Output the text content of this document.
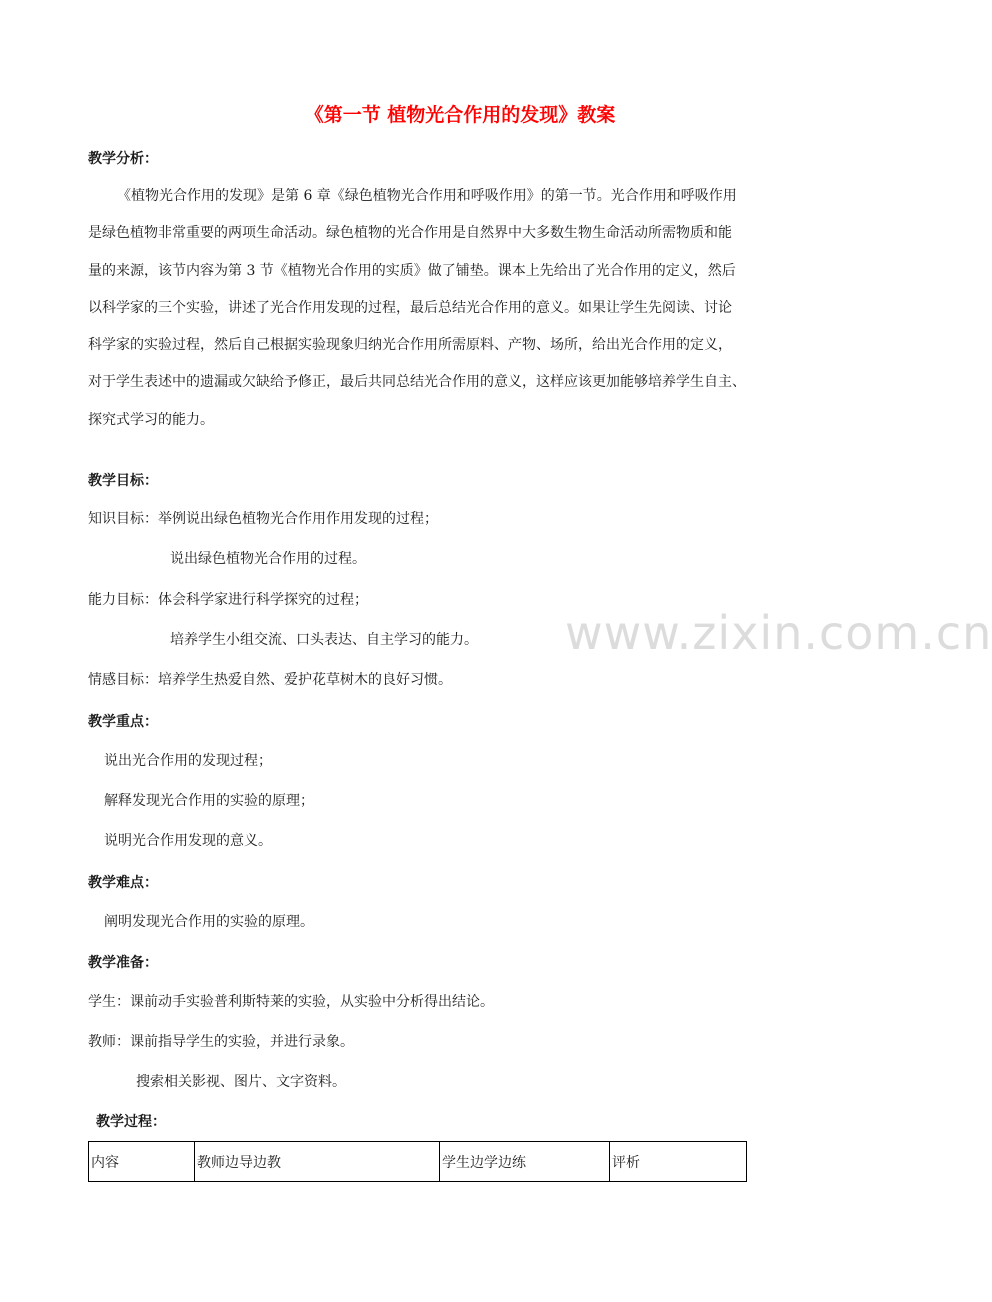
www.zixin.com.cn
《第一节 植物光合作用的发现》教案
教学分析：
《植物光合作用的发现》是第 6 章《绿色植物光合作用和呼吸作用》的第一节。光合作用和呼吸作用
是绿色植物非常重要的两项生命活动。绿色植物的光合作用是自然界中大多数生物生命活动所需物质和能
量的来源，该节内容为第 3 节《植物光合作用的实质》做了铺垫。课本上先给出了光合作用的定义，然后
以科学家的三个实验，讲述了光合作用发现的过程，最后总结光合作用的意义。如果让学生先阅读、讨论
科学家的实验过程，然后自己根据实验现象归纳光合作用所需原料、产物、场所，给出光合作用的定义，
对于学生表述中的遗漏或欠缺给予修正，最后共同总结光合作用的意义，这样应该更加能够培养学生自主、
探究式学习的能力。
教学目标：
知识目标：举例说出绿色植物光合作用作用发现的过程；
说出绿色植物光合作用的过程。
能力目标：体会科学家进行科学探究的过程；
培养学生小组交流、口头表达、自主学习的能力。
情感目标：培养学生热爱自然、爱护花草树木的良好习惯。
教学重点：
说出光合作用的发现过程；
解释发现光合作用的实验的原理；
说明光合作用发现的意义。
教学难点：
阐明发现光合作用的实验的原理。
教学准备：
学生：课前动手实验普利斯特莱的实验，从实验中分析得出结论。
教师：课前指导学生的实验，并进行录象。
搜索相关影视、图片、文字资料。
教学过程：
内容	教师边导边教	学生边学边练	评析
